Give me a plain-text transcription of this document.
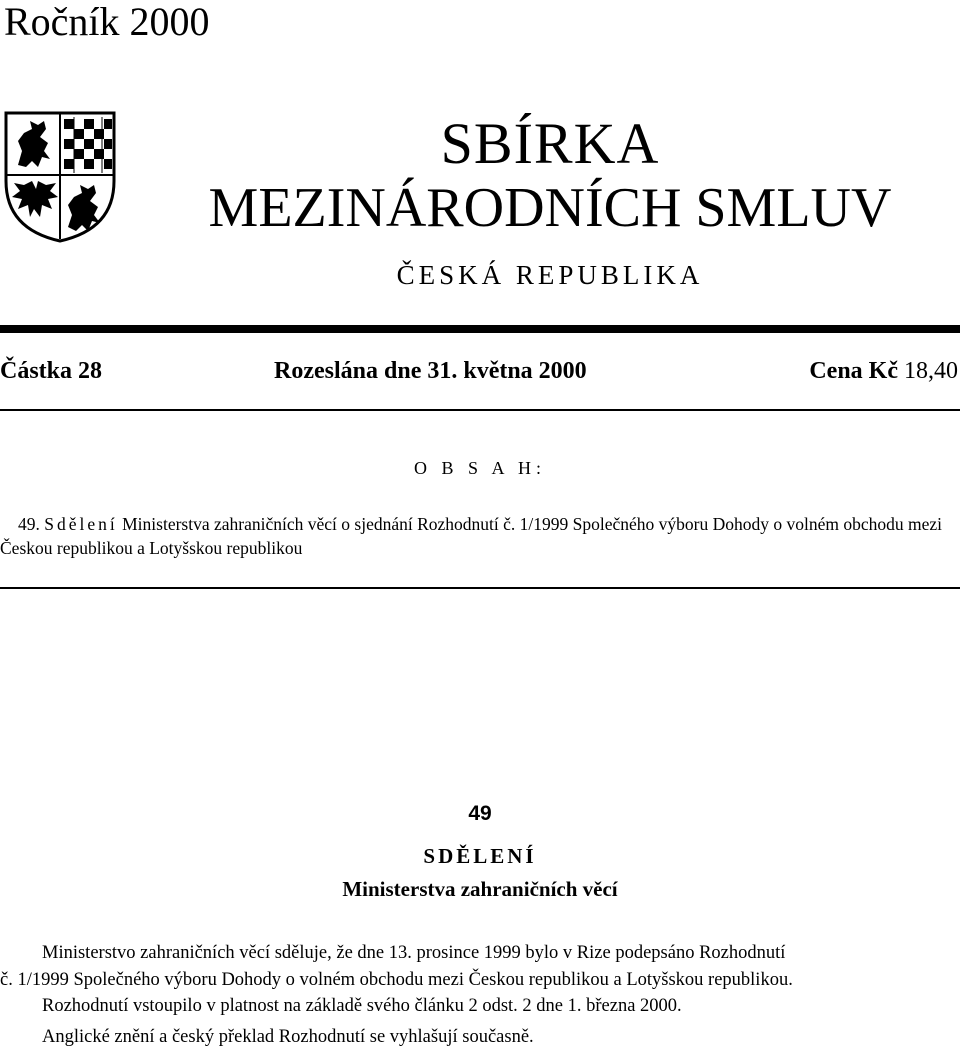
Ročník 2000
SBÍRKA
MEZINÁRODNÍCH SMLUV
ČESKÁ REPUBLIKA
Částka 28	Rozeslána dne 31. května 2000	Cena Kč 18,40
O B S A H:
49. Sdělení Ministerstva zahraničních věcí o sjednání Rozhodnutí č. 1/1999 Společného výboru Dohody o volném obchodu mezi
Českou republikou a Lotyšskou republikou
49
SDĚLENÍ
Ministerstva zahraničních věcí
Ministerstvo zahraničních věcí sděluje, že dne 13. prosince 1999 bylo v Rize podepsáno Rozhodnutí
č. 1/1999 Společného výboru Dohody o volném obchodu mezi Českou republikou a Lotyšskou republikou.
Rozhodnutí vstoupilo v platnost na základě svého článku 2 odst. 2 dne 1. března 2000.
Anglické znění a český překlad Rozhodnutí se vyhlašují současně.
